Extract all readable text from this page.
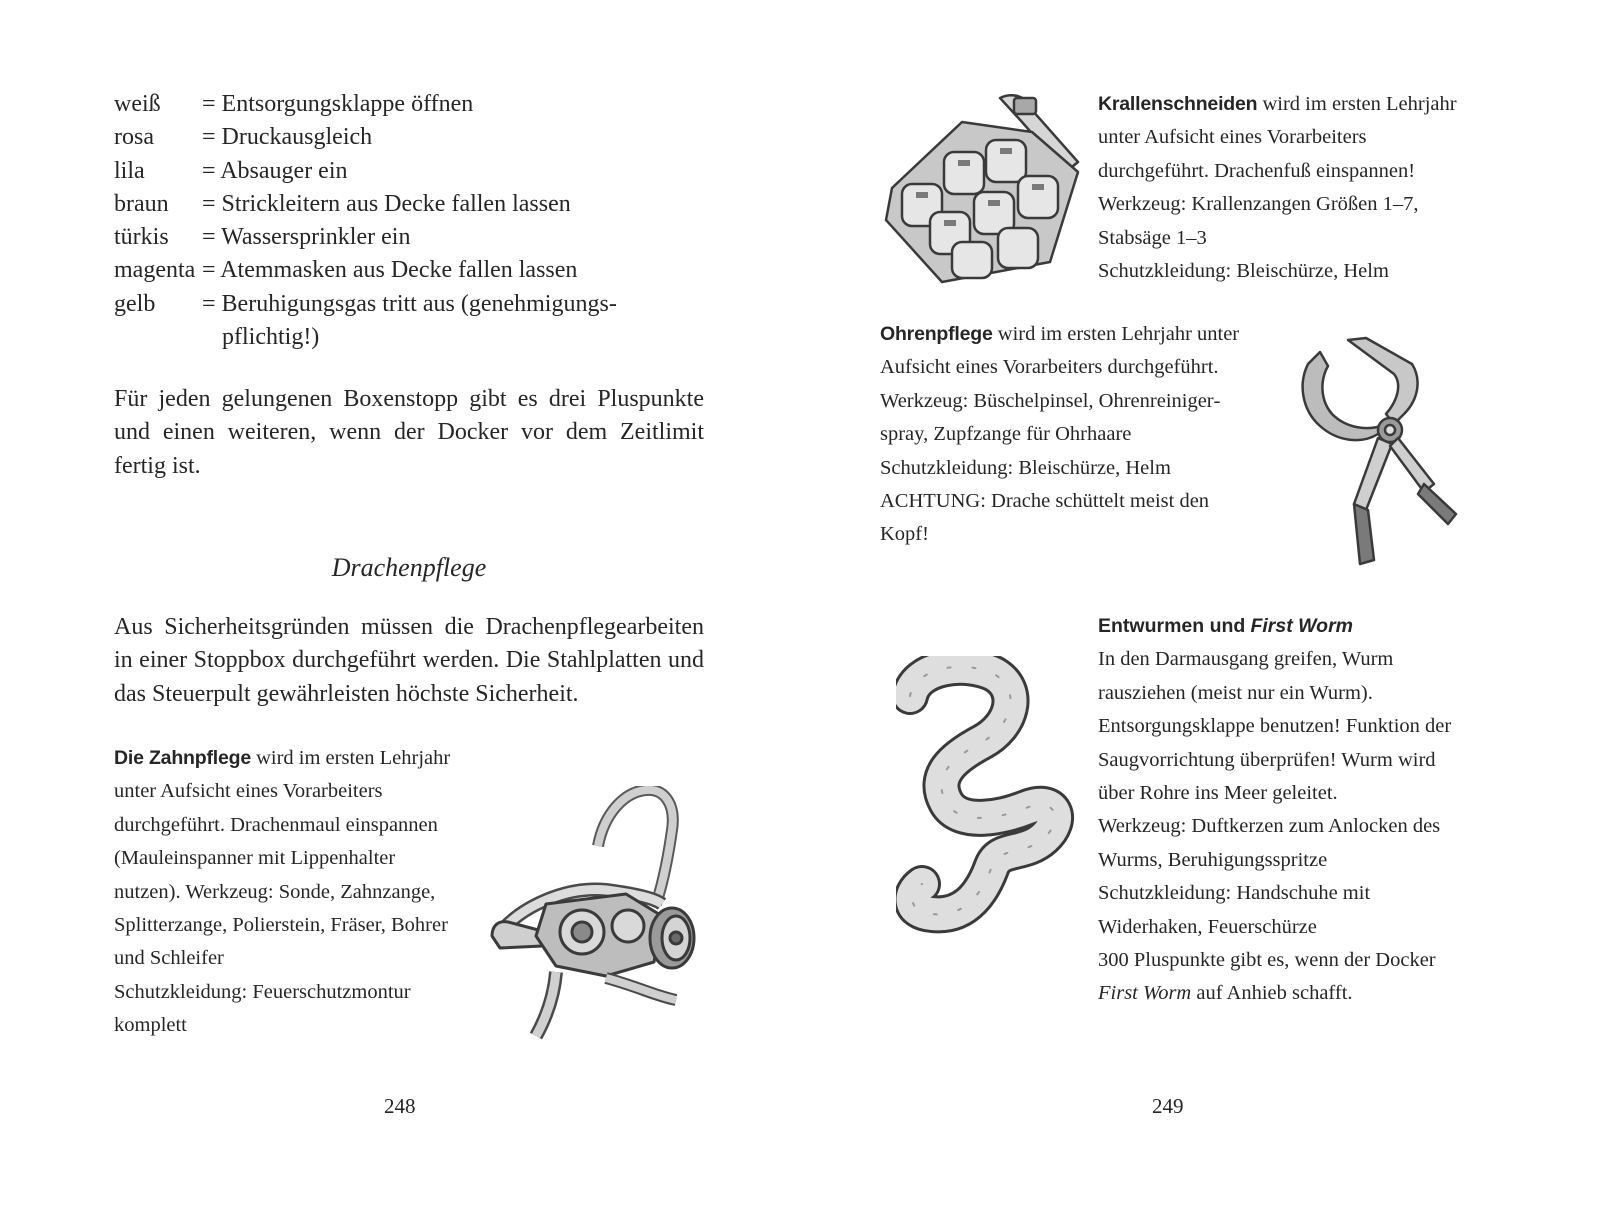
weiß	= Entsorgungsklappe öffnen
rosa	= Druckausgleich
lila	= Absauger ein
braun	= Strickleitern aus Decke fallen lassen
türkis	= Wassersprinkler ein
magenta = Atemmasken aus Decke fallen lassen
gelb	= Beruhigungsgas tritt aus (genehmigungspflichtig!)

Für jeden gelungenen Boxenstopp gibt es drei Pluspunkte und einen weiteren, wenn der Docker vor dem Zeitlimit fertig ist.

Drachenpflege

Aus Sicherheitsgründen müssen die Drachenpflegearbeiten in einer Stoppbox durchgeführt werden. Die Stahlplatten und das Steuerpult gewährleisten höchste Sicherheit.

Die Zahnpflege wird im ersten Lehrjahr unter Aufsicht eines Vorarbeiters durchgeführt. Drachenmaul einspannen (Mauleinspanner mit Lippenhalter nutzen). Werkzeug: Sonde, Zahnzange, Splitterzange, Polierstein, Fräser, Bohrer und Schleifer

Schutzkleidung: Feuerschutzmontur komplett

248

Krallenschneiden wird im ersten Lehrjahr unter Aufsicht eines Vorarbeiters durchgeführt. Drachenfuß einspannen!

Werkzeug: Krallenzangen Größen 1–7, Stabsäge 1–3

Schutzkleidung: Bleischürze, Helm

Ohrenpflege wird im ersten Lehrjahr unter Aufsicht eines Vorarbeiters durchgeführt.

Werkzeug: Büschelpinsel, Ohrenreinigerspray, Zupfzange für Ohrhaare

Schutzkleidung: Bleischürze, Helm

ACHTUNG: Drache schüttelt meist den Kopf!

Entwurmen und First Worm

In den Darmausgang greifen, Wurm rausziehen (meist nur ein Wurm). Entsorgungsklappe benutzen! Funktion der Saugvorrichtung überprüfen! Wurm wird über Rohre ins Meer geleitet.

Werkzeug: Duftkerzen zum Anlocken des Wurms, Beruhigungsspritze

Schutzkleidung: Handschuhe mit Widerhaken, Feuerschürze

300 Pluspunkte gibt es, wenn der Docker First Worm auf Anhieb schafft.

249
